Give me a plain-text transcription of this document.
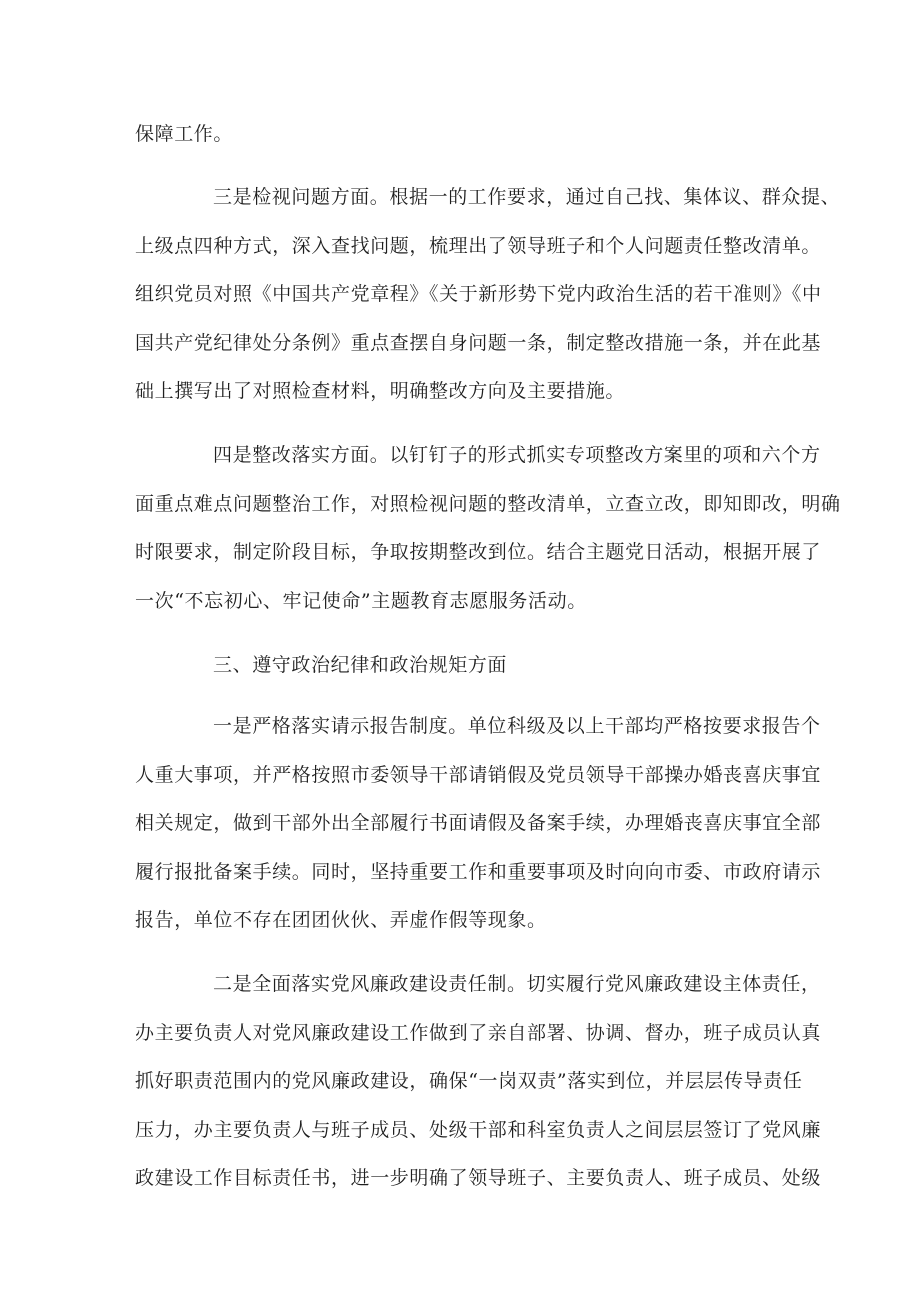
保障工作。
三是检视问题方面。根据一的工作要求，通过自己找、集体议、群众提、
上级点四种方式，深入查找问题，梳理出了领导班子和个人问题责任整改清单。
组织党员对照《中国共产党章程》《关于新形势下党内政治生活的若干准则》《中
国共产党纪律处分条例》重点查摆自身问题一条，制定整改措施一条，并在此基
础上撰写出了对照检查材料，明确整改方向及主要措施。
四是整改落实方面。以钉钉子的形式抓实专项整改方案里的项和六个方
面重点难点问题整治工作，对照检视问题的整改清单，立查立改，即知即改，明确
时限要求，制定阶段目标，争取按期整改到位。结合主题党日活动，根据开展了
一次“不忘初心、牢记使命”主题教育志愿服务活动。
三、遵守政治纪律和政治规矩方面
一是严格落实请示报告制度。单位科级及以上干部均严格按要求报告个
人重大事项，并严格按照市委领导干部请销假及党员领导干部操办婚丧喜庆事宜
相关规定，做到干部外出全部履行书面请假及备案手续，办理婚丧喜庆事宜全部
履行报批备案手续。同时，坚持重要工作和重要事项及时向向市委、市政府请示
报告，单位不存在团团伙伙、弄虚作假等现象。
二是全面落实党风廉政建设责任制。切实履行党风廉政建设主体责任，
办主要负责人对党风廉政建设工作做到了亲自部署、协调、督办，班子成员认真
抓好职责范围内的党风廉政建设，确保“一岗双责”落实到位，并层层传导责任
压力，办主要负责人与班子成员、处级干部和科室负责人之间层层签订了党风廉
政建设工作目标责任书，进一步明确了领导班子、主要负责人、班子成员、处级
